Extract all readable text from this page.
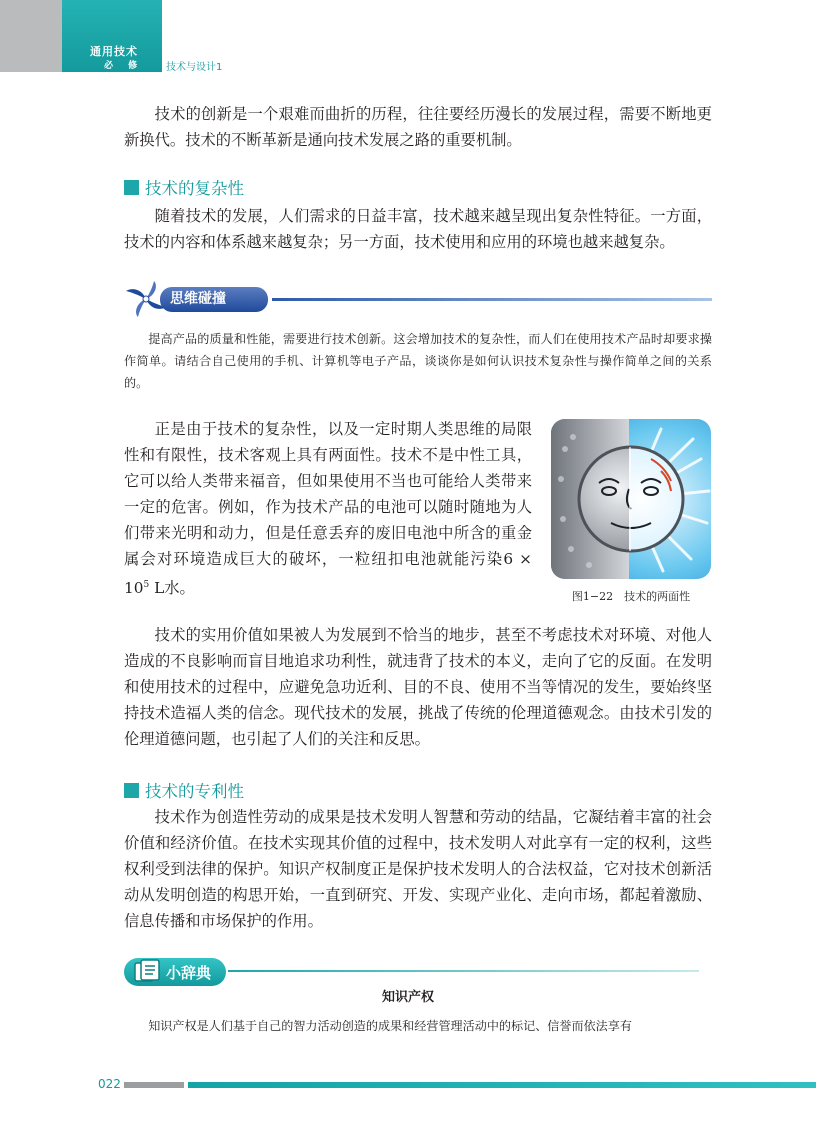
通用技术
必 修 技术与设计1

技术的创新是一个艰难而曲折的历程，往往要经历漫长的发展过程，需要不断地更新换代。技术的不断革新是通向技术发展之路的重要机制。

技术的复杂性

随着技术的发展，人们需求的日益丰富，技术越来越呈现出复杂性特征。一方面，技术的内容和体系越来越复杂；另一方面，技术使用和应用的环境也越来越复杂。

思维碰撞

提高产品的质量和性能，需要进行技术创新。这会增加技术的复杂性，而人们在使用技术产品时却要求操作简单。请结合自己使用的手机、计算机等电子产品，谈谈你是如何认识技术复杂性与操作简单之间的关系的。

正是由于技术的复杂性，以及一定时期人类思维的局限性和有限性，技术客观上具有两面性。技术不是中性工具，它可以给人类带来福音，但如果使用不当也可能给人类带来一定的危害。例如，作为技术产品的电池可以随时随地为人们带来光明和动力，但是任意丢弃的废旧电池中所含的重金属会对环境造成巨大的破坏，一粒纽扣电池就能污染$6 \times 10^5$ L水。	图1−22　技术的两面性

技术的实用价值如果被人为发展到不恰当的地步，甚至不考虑技术对环境、对他人造成的不良影响而盲目地追求功利性，就违背了技术的本义，走向了它的反面。在发明和使用技术的过程中，应避免急功近利、目的不良、使用不当等情况的发生，要始终坚持技术造福人类的信念。现代技术的发展，挑战了传统的伦理道德观念。由技术引发的伦理道德问题，也引起了人们的关注和反思。

技术的专利性

技术作为创造性劳动的成果是技术发明人智慧和劳动的结晶，它凝结着丰富的社会价值和经济价值。在技术实现其价值的过程中，技术发明人对此享有一定的权利，这些权利受到法律的保护。知识产权制度正是保护技术发明人的合法权益，它对技术创新活动从发明创造的构思开始，一直到研究、开发、实现产业化、走向市场，都起着激励、信息传播和市场保护的作用。

小辞典
知识产权

知识产权是人们基于自己的智力活动创造的成果和经营管理活动中的标记、信誉而依法享有

022
